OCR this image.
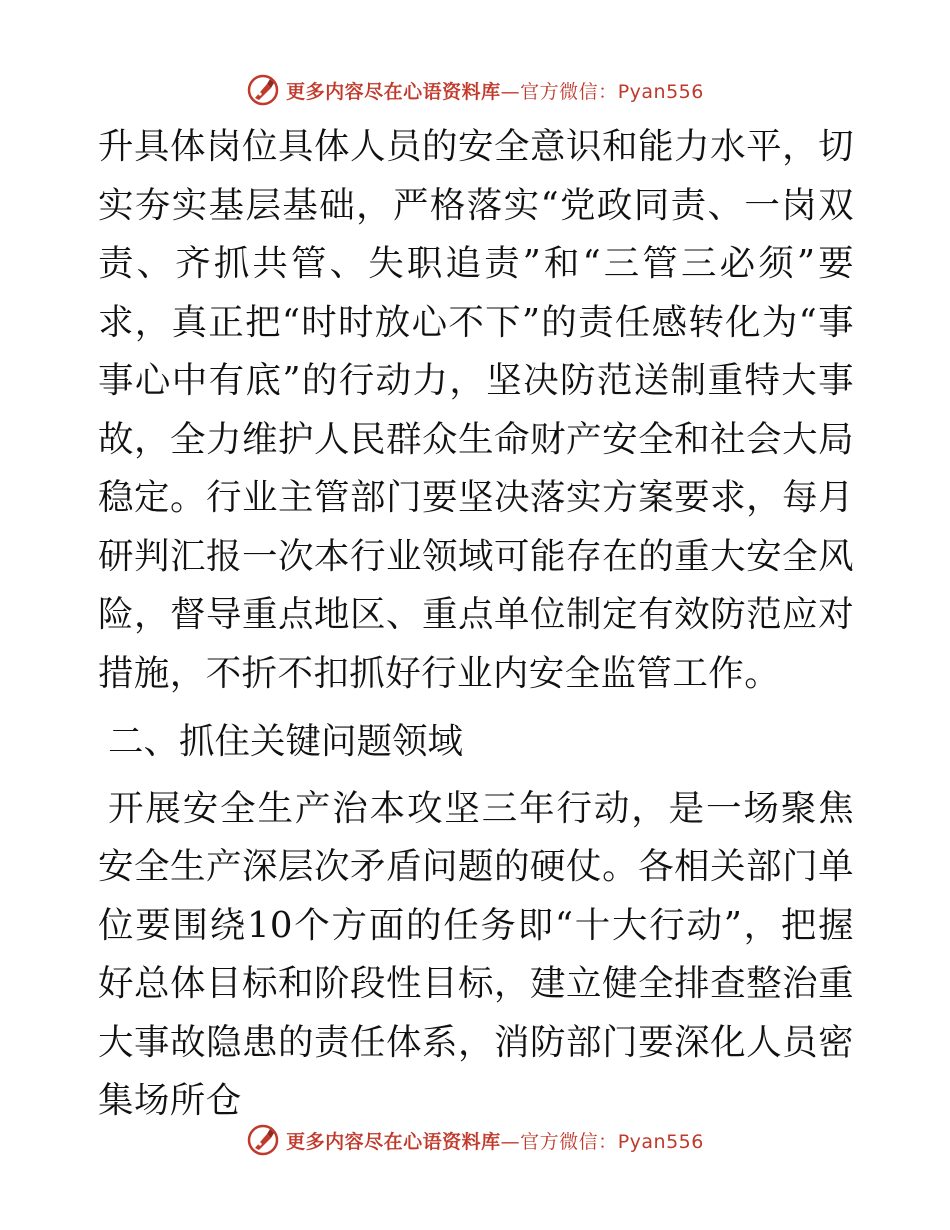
更多内容尽在心语资料库—官方微信：Pyan556

升具体岗位具体人员的安全意识和能力水平，切实夯实基层基础，严格落实“党政同责、一岗双责、齐抓共管、失职追责”和“三管三必须”要求，真正把“时时放心不下”的责任感转化为“事事心中有底”的行动力，坚决防范送制重特大事故，全力维护人民群众生命财产安全和社会大局稳定。行业主管部门要坚决落实方案要求，每月研判汇报一次本行业领域可能存在的重大安全风险，督导重点地区、重点单位制定有效防范应对措施，不折不扣抓好行业内安全监管工作。

二、抓住关键问题领域

开展安全生产治本攻坚三年行动，是一场聚焦安全生产深层次矛盾问题的硬仗。各相关部门单位要围绕10个方面的任务即“十大行动”，把握好总体目标和阶段性目标，建立健全排查整治重大事故隐患的责任体系，消防部门要深化人员密集场所仓

更多内容尽在心语资料库—官方微信：Pyan556
